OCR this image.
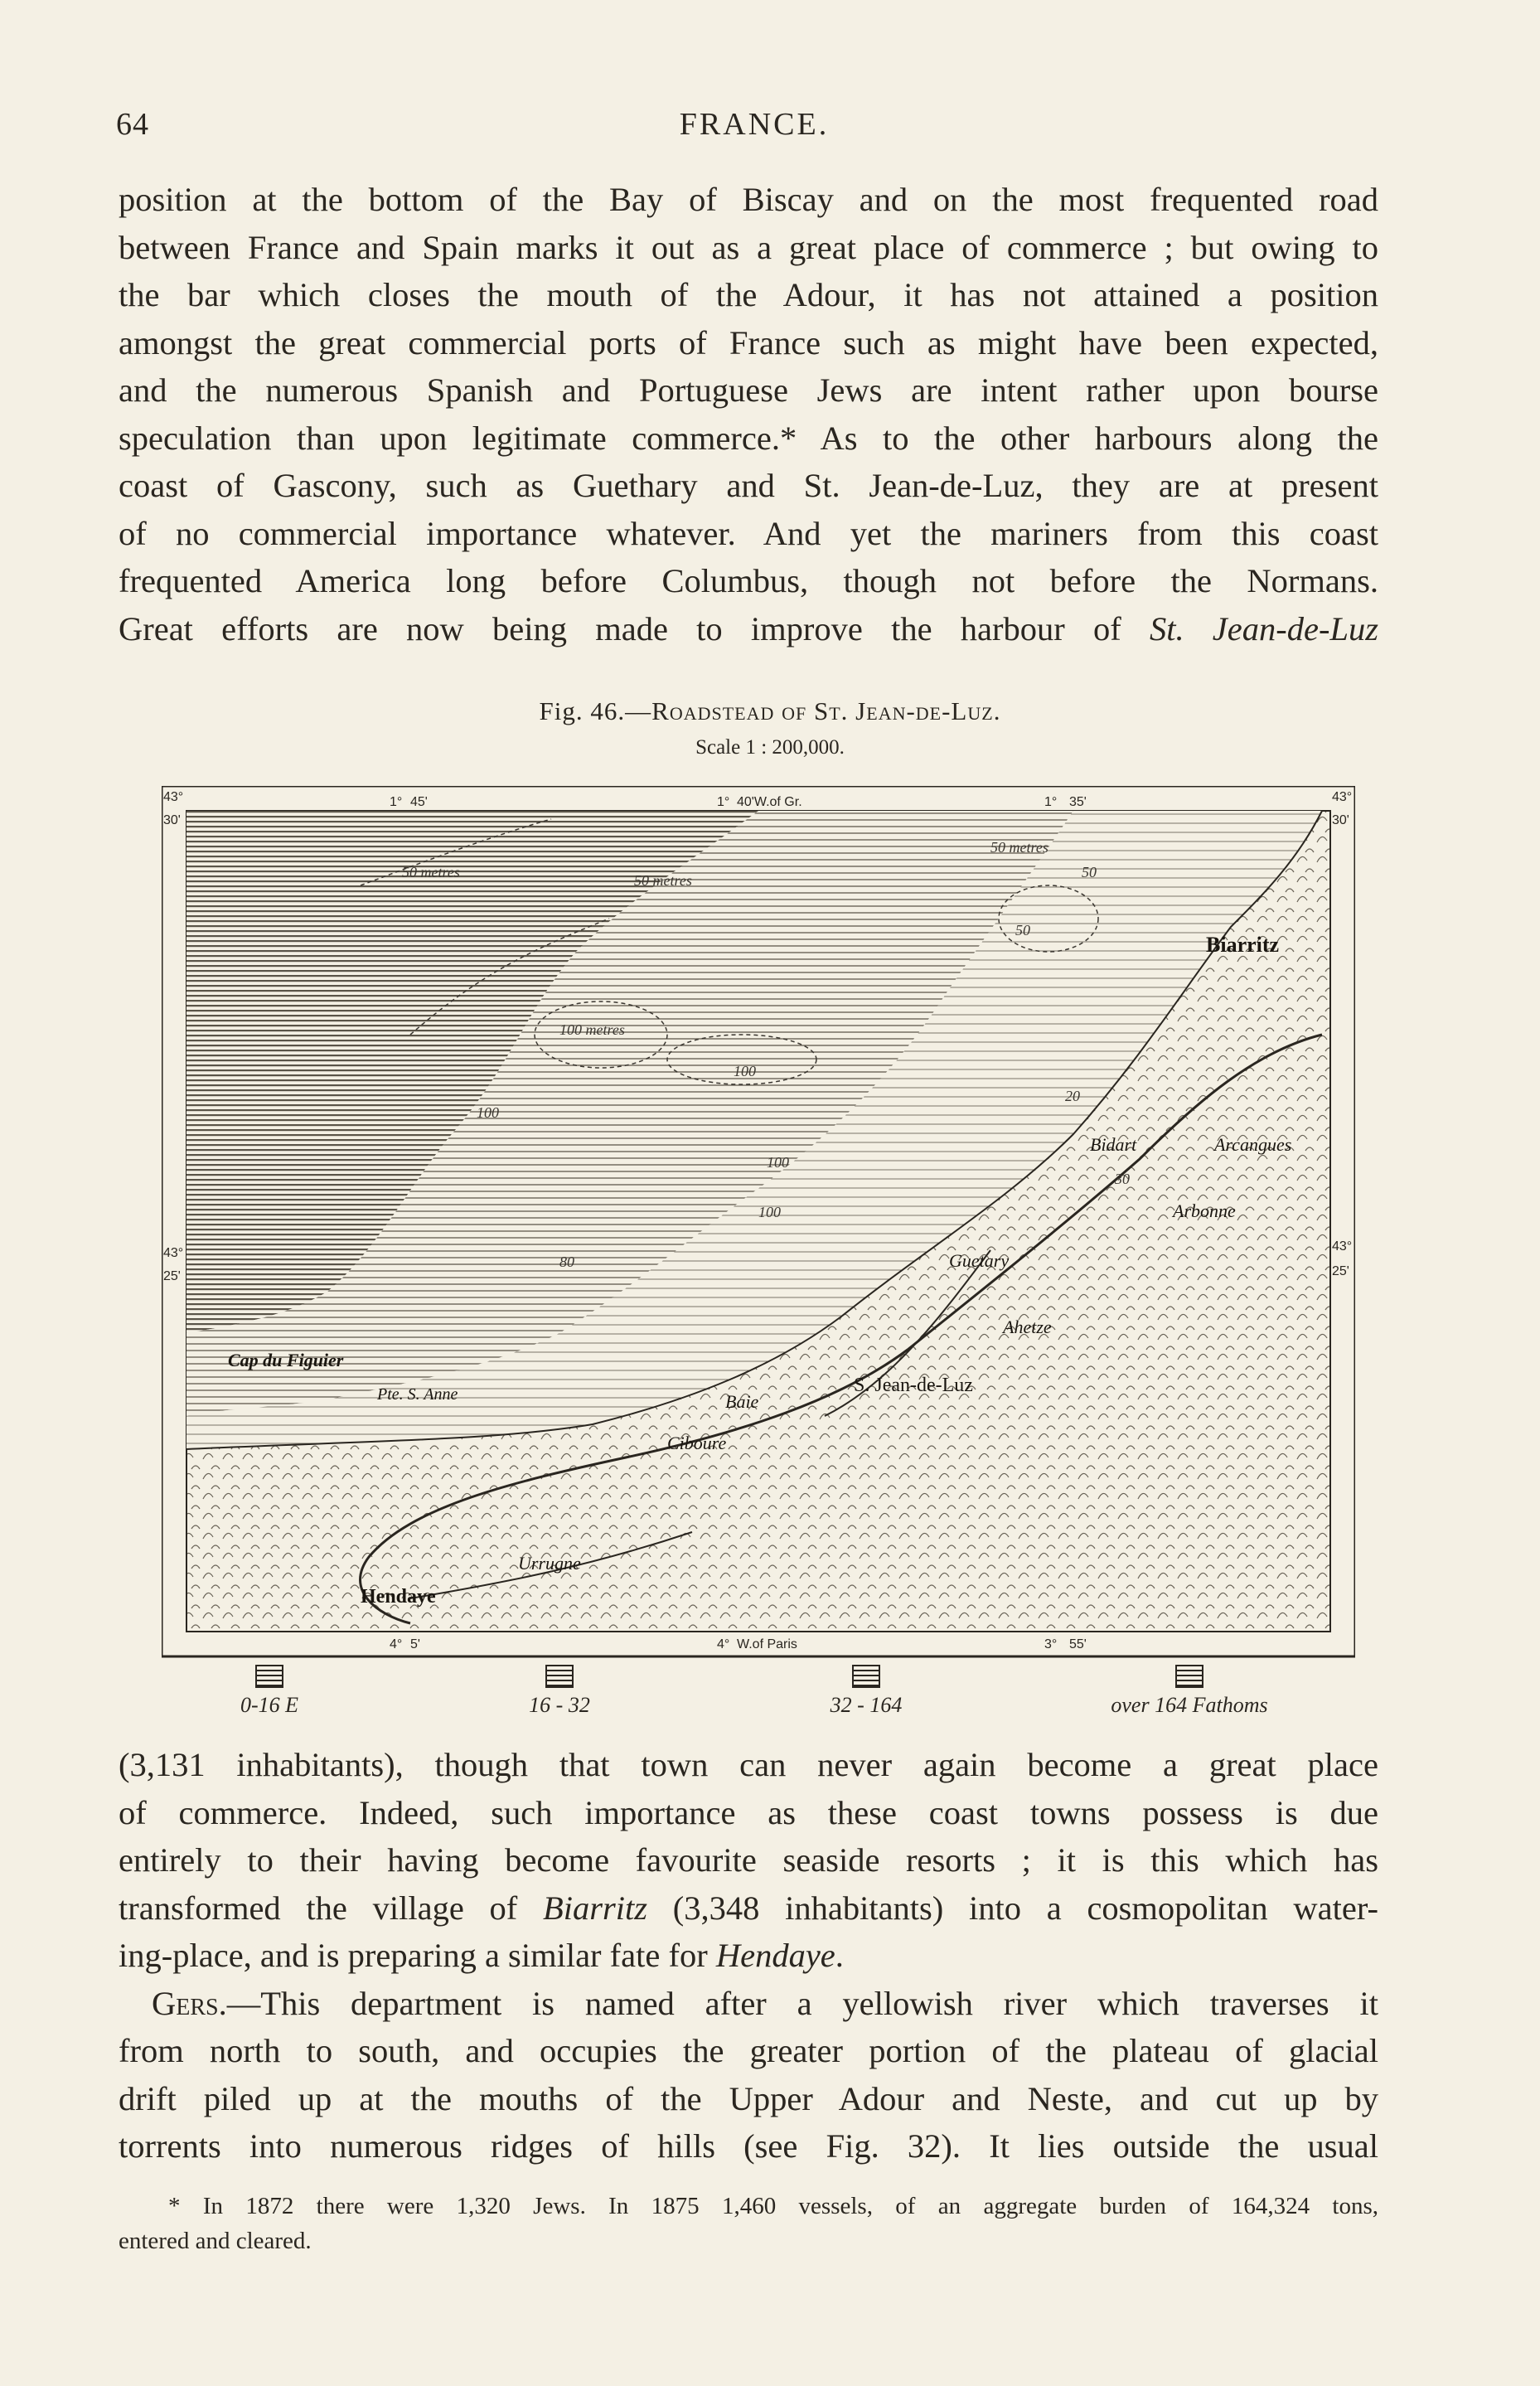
64	FRANCE.
position at the bottom of the Bay of Biscay and on the most frequented road
between France and Spain marks it out as a great place of commerce ; but owing to
the bar which closes the mouth of the Adour, it has not attained a position
amongst the great commercial ports of France such as might have been expected,
and the numerous Spanish and Portuguese Jews are intent rather upon bourse
speculation than upon legitimate commerce.* As to the other harbours along the
coast of Gascony, such as Guethary and St. Jean-de-Luz, they are at present
of no commercial importance whatever. And yet the mariners from this coast
frequented America long before Columbus, though not before the Normans.
Great efforts are now being made to improve the harbour of St. Jean-de-Luz
Fig. 46.—Roadstead of St. Jean-de-Luz.
Scale 1 : 200,000.
1° 45'	1° 40'W.of Gr.	1° 35'
4° 5'	4° W.of Paris	3° 55'
43°
30'
43°
25'
43°
30'
43°
25'
Biarritz
Bidart	Arcangues
Arbonne
Guetary
Ahetze
S. Jean-de-Luz
Baie
Ciboure
Urrugne
Hendaye
Cap du Figuier
Pte. S. Anne
50 metres	50 metres
50 metres
100 metres
100
100
100
100
80
50
50
20
30
0-16 E	16 - 32	32 - 164	over 164 Fathoms
(3,131 inhabitants), though that town can never again become a great place
of commerce. Indeed, such importance as these coast towns possess is due
entirely to their having become favourite seaside resorts ; it is this which has
transformed the village of Biarritz (3,348 inhabitants) into a cosmopolitan water-
ing-place, and is preparing a similar fate for Hendaye.
Gers.—This department is named after a yellowish river which traverses it
from north to south, and occupies the greater portion of the plateau of glacial
drift piled up at the mouths of the Upper Adour and Neste, and cut up by
torrents into numerous ridges of hills (see Fig. 32). It lies outside the usual
* In 1872 there were 1,320 Jews. In 1875 1,460 vessels, of an aggregate burden of 164,324 tons,
entered and cleared.
